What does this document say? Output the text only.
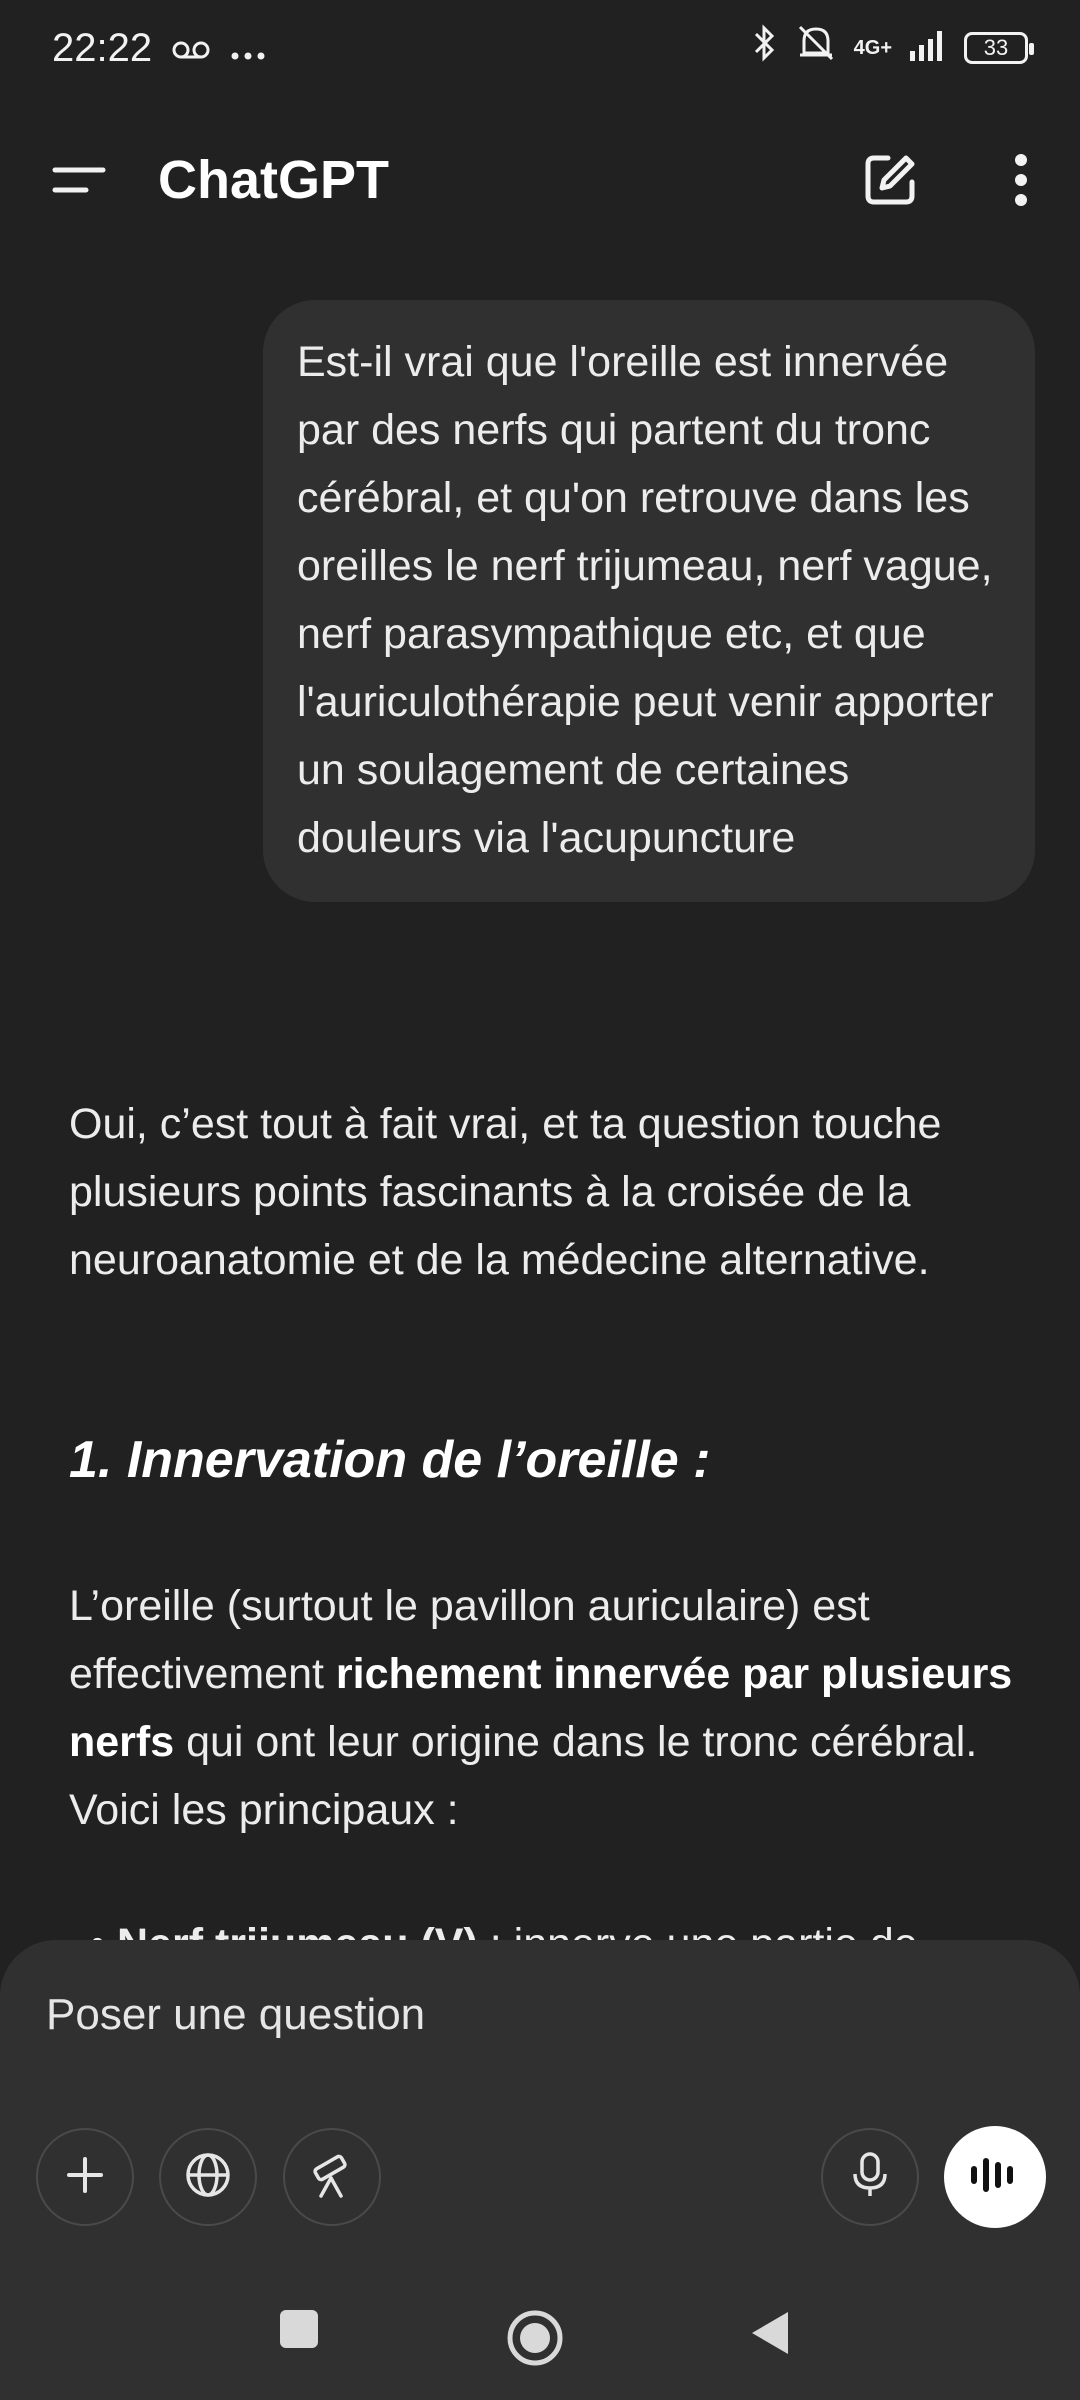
22:22	4G+	33
ChatGPT
Est-il vrai que l'oreille est innervée par des nerfs qui partent du tronc cérébral, et qu'on retrouve dans les oreilles le nerf trijumeau, nerf vague, nerf parasympathique etc, et que l'auriculothérapie peut venir apporter un soulagement de certaines douleurs via l'acupuncture

Oui, c’est tout à fait vrai, et ta question touche plusieurs points fascinants à la croisée de la neuroanatomie et de la médecine alternative.

1. Innervation de l’oreille :
L’oreille (surtout le pavillon auriculaire) est effectivement richement innervée par plusieurs nerfs qui ont leur origine dans le tronc cérébral. Voici les principaux :
Poser une question
